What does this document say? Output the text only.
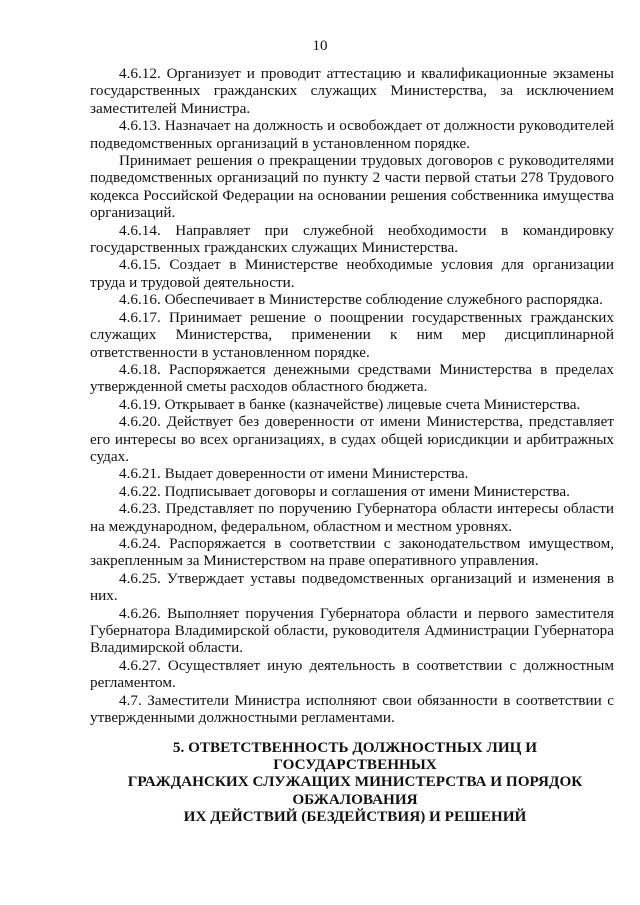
10

4.6.12. Организует и проводит аттестацию и квалификационные экзамены государственных гражданских служащих Министерства, за исключением заместителей Министра.

4.6.13. Назначает на должность и освобождает от должности руководителей подведомственных организаций в установленном порядке.

Принимает решения о прекращении трудовых договоров с руководителями подведомственных организаций по пункту 2 части первой статьи 278 Трудового кодекса Российской Федерации на основании решения собственника имущества организаций.

4.6.14. Направляет при служебной необходимости в командировку государственных гражданских служащих Министерства.

4.6.15. Создает в Министерстве необходимые условия для организации труда и трудовой деятельности.

4.6.16. Обеспечивает в Министерстве соблюдение служебного распорядка.

4.6.17. Принимает решение о поощрении государственных гражданских служащих Министерства, применении к ним мер дисциплинарной ответственности в установленном порядке.

4.6.18. Распоряжается денежными средствами Министерства в пределах утвержденной сметы расходов областного бюджета.

4.6.19. Открывает в банке (казначействе) лицевые счета Министерства.

4.6.20. Действует без доверенности от имени Министерства, представляет его интересы во всех организациях, в судах общей юрисдикции и арбитражных судах.

4.6.21. Выдает доверенности от имени Министерства.

4.6.22. Подписывает договоры и соглашения от имени Министерства.

4.6.23. Представляет по поручению Губернатора области интересы области на международном, федеральном, областном и местном уровнях.

4.6.24. Распоряжается в соответствии с законодательством имуществом, закрепленным за Министерством на праве оперативного управления.

4.6.25. Утверждает уставы подведомственных организаций и изменения в них.

4.6.26. Выполняет поручения Губернатора области и первого заместителя Губернатора Владимирской области, руководителя Администрации Губернатора Владимирской области.

4.6.27. Осуществляет иную деятельность в соответствии с должностным регламентом.

4.7. Заместители Министра исполняют свои обязанности в соответствии с утвержденными должностными регламентами.

5. ОТВЕТСТВЕННОСТЬ ДОЛЖНОСТНЫХ ЛИЦ И
ГОСУДАРСТВЕННЫХ
ГРАЖДАНСКИХ СЛУЖАЩИХ МИНИСТЕРСТВА И ПОРЯДОК
ОБЖАЛОВАНИЯ
ИХ ДЕЙСТВИЙ (БЕЗДЕЙСТВИЯ) И РЕШЕНИЙ
